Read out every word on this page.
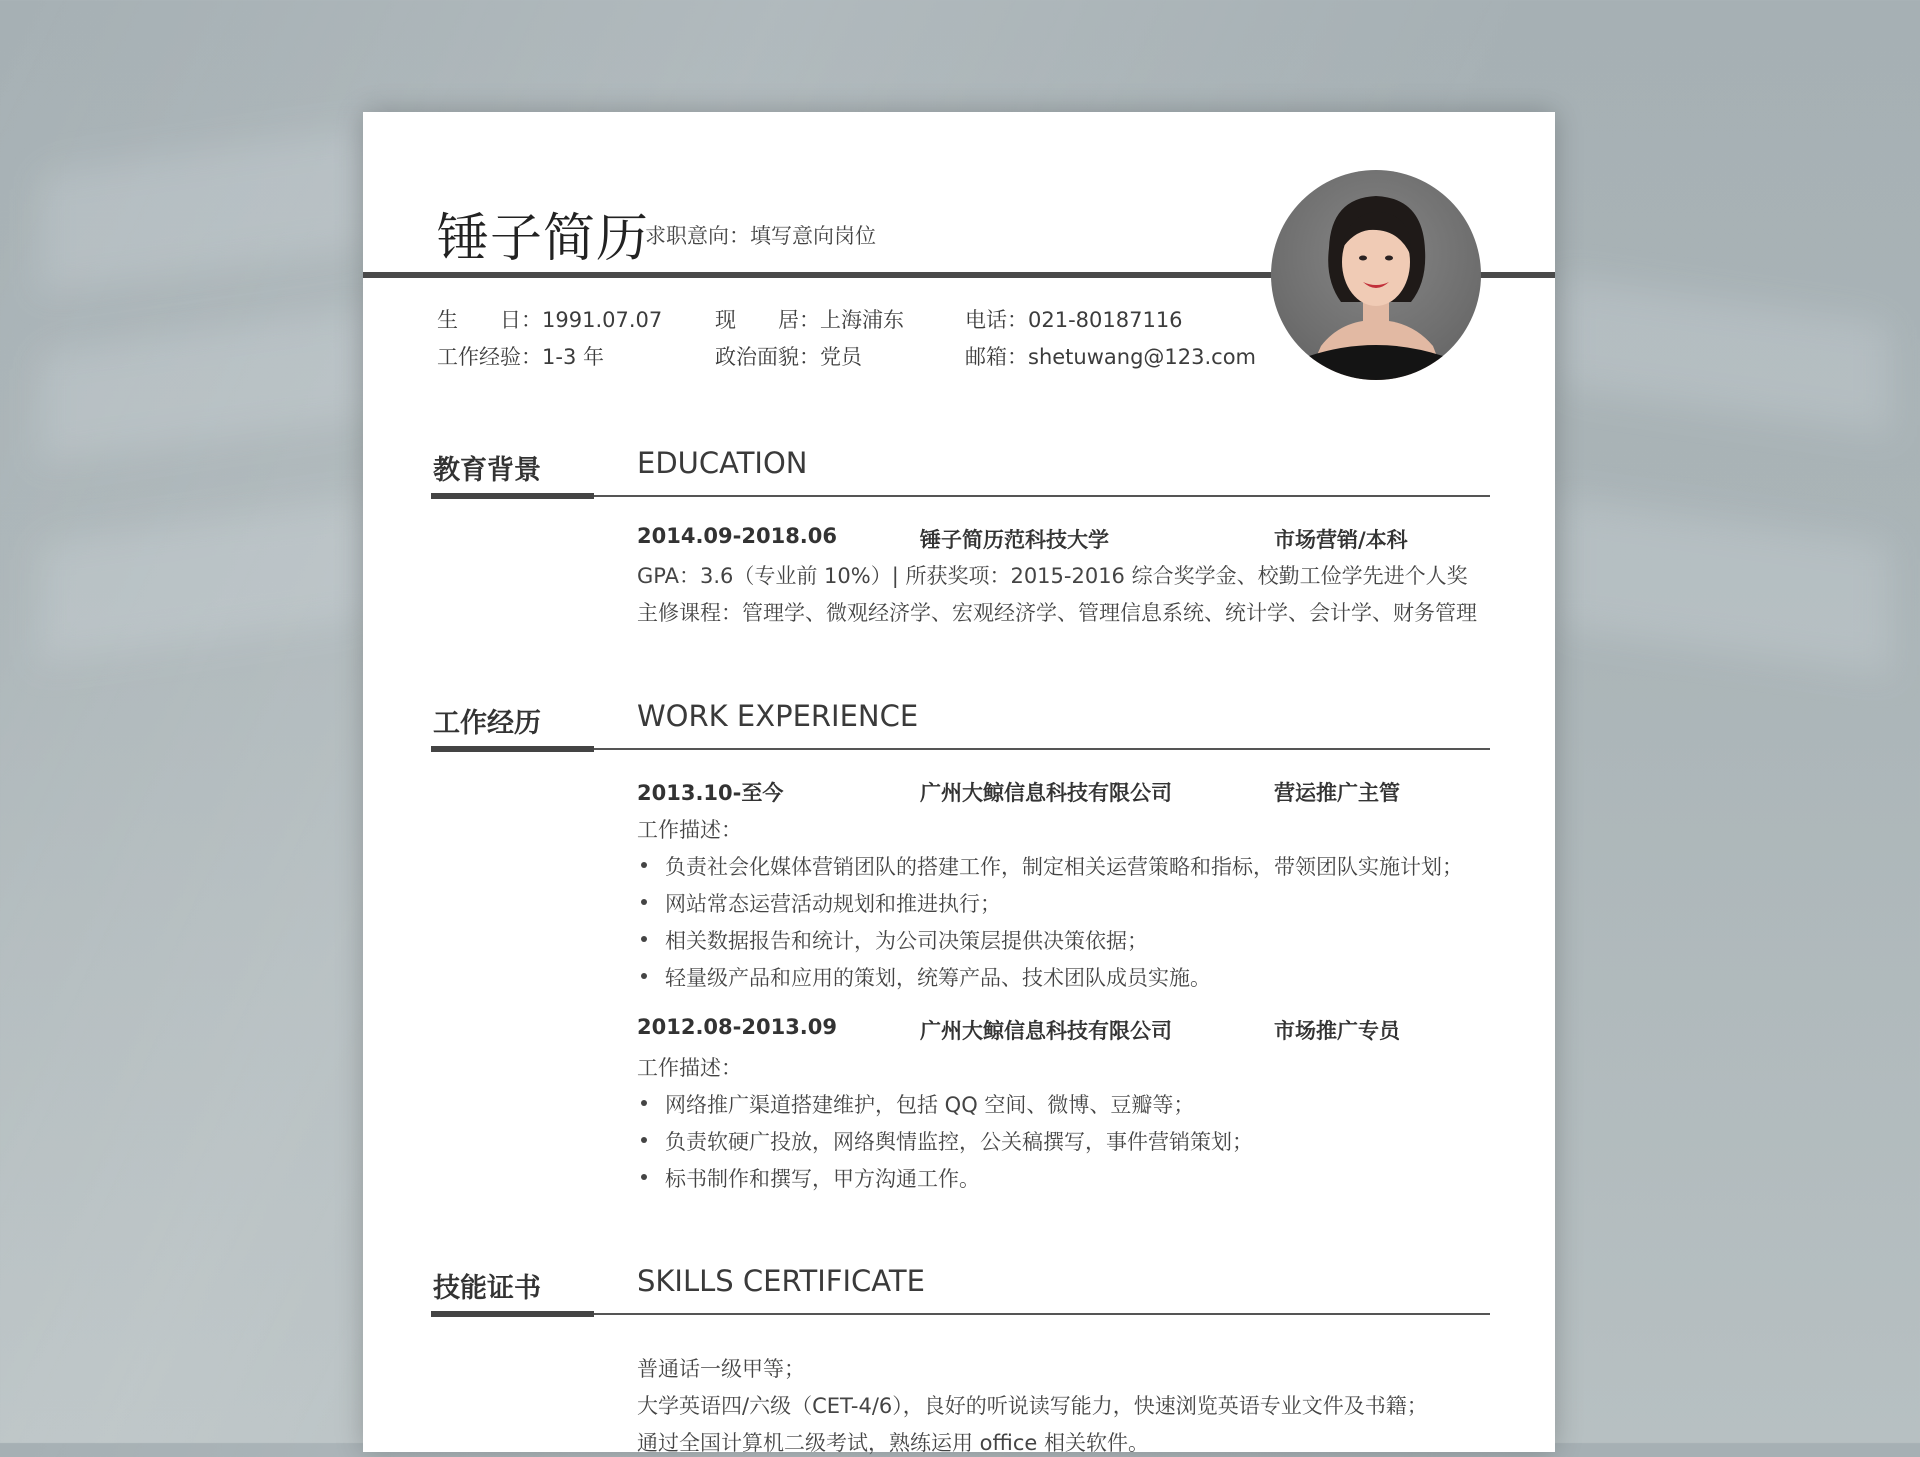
锤子简历
求职意向：填写意向岗位
生　　日：1991.07.07	现　　居：上海浦东	电话：021-80187116
工作经验：1-3 年	政治面貌：党员	邮箱：shetuwang@123.com
教育背景	EDUCATION
2014.09-2018.06	锤子简历范科技大学	市场营销/本科
GPA：3.6（专业前 10%）| 所获奖项：2015-2016 综合奖学金、校勤工俭学先进个人奖
主修课程：管理学、微观经济学、宏观经济学、管理信息系统、统计学、会计学、财务管理
工作经历	WORK EXPERIENCE
2013.10-至今	广州大鲸信息科技有限公司	营运推广主管
工作描述：
负责社会化媒体营销团队的搭建工作，制定相关运营策略和指标，带领团队实施计划；
网站常态运营活动规划和推进执行；
相关数据报告和统计，为公司决策层提供决策依据；
轻量级产品和应用的策划，统筹产品、技术团队成员实施。
2012.08-2013.09	广州大鲸信息科技有限公司	市场推广专员
工作描述：
网络推广渠道搭建维护，包括 QQ 空间、微博、豆瓣等；
负责软硬广投放，网络舆情监控，公关稿撰写，事件营销策划；
标书制作和撰写，甲方沟通工作。
技能证书	SKILLS CERTIFICATE
普通话一级甲等；
大学英语四/六级（CET-4/6），良好的听说读写能力，快速浏览英语专业文件及书籍；
通过全国计算机二级考试，熟练运用 office 相关软件。
